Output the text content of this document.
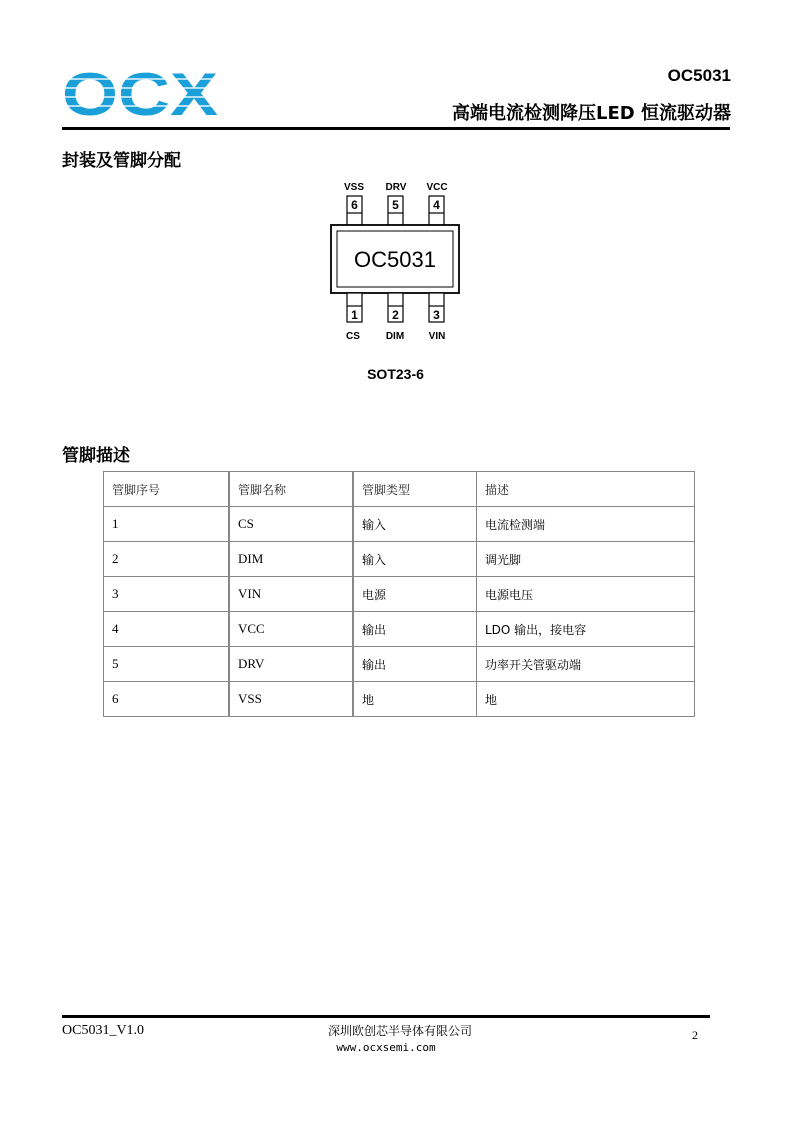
OCX	OC5031
高端电流检测降压LED 恒流驱动器
封装及管脚分配
VSS DRV VCC
6	5	4
OC5031
1	2	3
CS	DIM VIN
SOT23-6
管脚描述
管脚序号	管脚名称	管脚类型	描述
1	CS	输入	电流检测端
2	DIM	输入	调光脚
3	VIN	电源	电源电压
4	VCC	输出	LDO 输出，接电容
5	DRV	输出	功率开关管驱动端
6	VSS	地	地
OC5031_V1.0	深圳欧创芯半导体有限公司
www.ocxsemi.com
2
